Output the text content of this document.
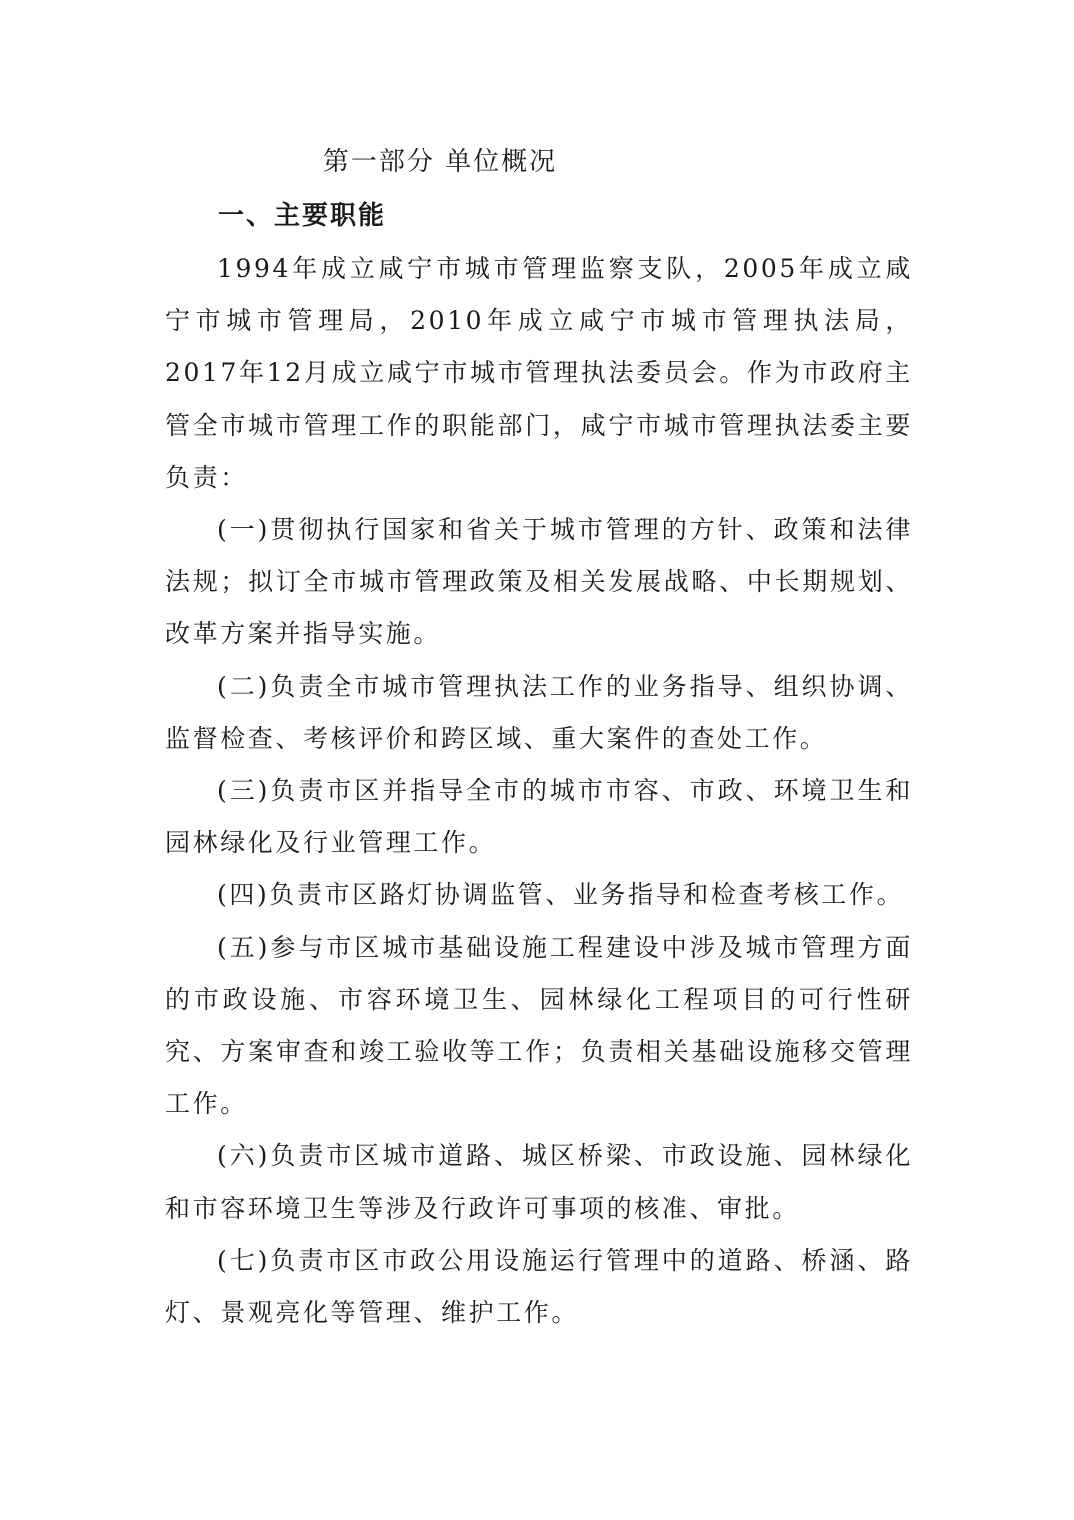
第一部分 单位概况
一、主要职能

1994年成立咸宁市城市管理监察支队，2005年成立咸宁市城市管理局，2010年成立咸宁市城市管理执法局，2017年12月成立咸宁市城市管理执法委员会。作为市政府主管全市城市管理工作的职能部门，咸宁市城市管理执法委主要负责：

(一)贯彻执行国家和省关于城市管理的方针、政策和法律法规；拟订全市城市管理政策及相关发展战略、中长期规划、改革方案并指导实施。

(二)负责全市城市管理执法工作的业务指导、组织协调、监督检查、考核评价和跨区域、重大案件的查处工作。

(三)负责市区并指导全市的城市市容、市政、环境卫生和园林绿化及行业管理工作。

(四)负责市区路灯协调监管、业务指导和检查考核工作。

(五)参与市区城市基础设施工程建设中涉及城市管理方面的市政设施、市容环境卫生、园林绿化工程项目的可行性研究、方案审查和竣工验收等工作；负责相关基础设施移交管理工作。

(六)负责市区城市道路、城区桥梁、市政设施、园林绿化和市容环境卫生等涉及行政许可事项的核准、审批。

(七)负责市区市政公用设施运行管理中的道路、桥涵、路灯、景观亮化等管理、维护工作。
